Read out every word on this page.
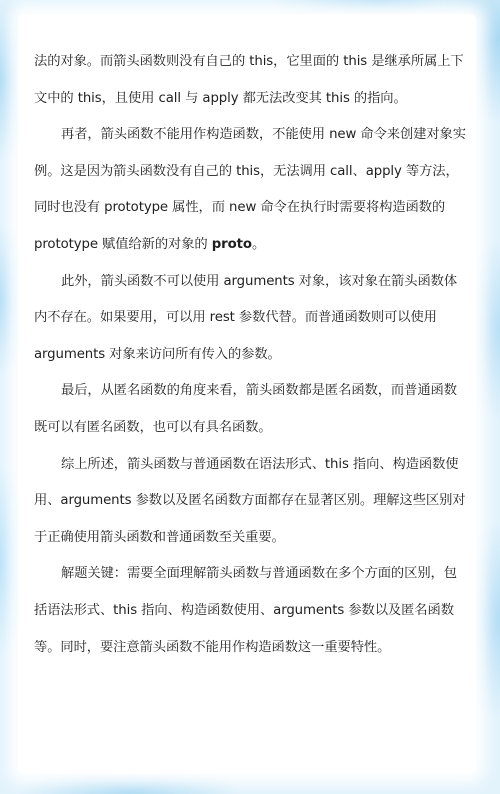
法的对象。而箭头函数则没有自己的 this，它里面的 this 是继承所属上下文中的 this，且使用 call 与 apply 都无法改变其 this 的指向。

再者，箭头函数不能用作构造函数，不能使用 new 命令来创建对象实例。这是因为箭头函数没有自己的 this，无法调用 call、apply 等方法，同时也没有 prototype 属性，而 new 命令在执行时需要将构造函数的 prototype 赋值给新的对象的 proto。

此外，箭头函数不可以使用 arguments 对象，该对象在箭头函数体内不存在。如果要用，可以用 rest 参数代替。而普通函数则可以使用 arguments 对象来访问所有传入的参数。

最后，从匿名函数的角度来看，箭头函数都是匿名函数，而普通函数既可以有匿名函数，也可以有具名函数。

综上所述，箭头函数与普通函数在语法形式、this 指向、构造函数使用、arguments 参数以及匿名函数方面都存在显著区别。理解这些区别对于正确使用箭头函数和普通函数至关重要。

解题关键：需要全面理解箭头函数与普通函数在多个方面的区别，包括语法形式、this 指向、构造函数使用、arguments 参数以及匿名函数等。同时，要注意箭头函数不能用作构造函数这一重要特性。
